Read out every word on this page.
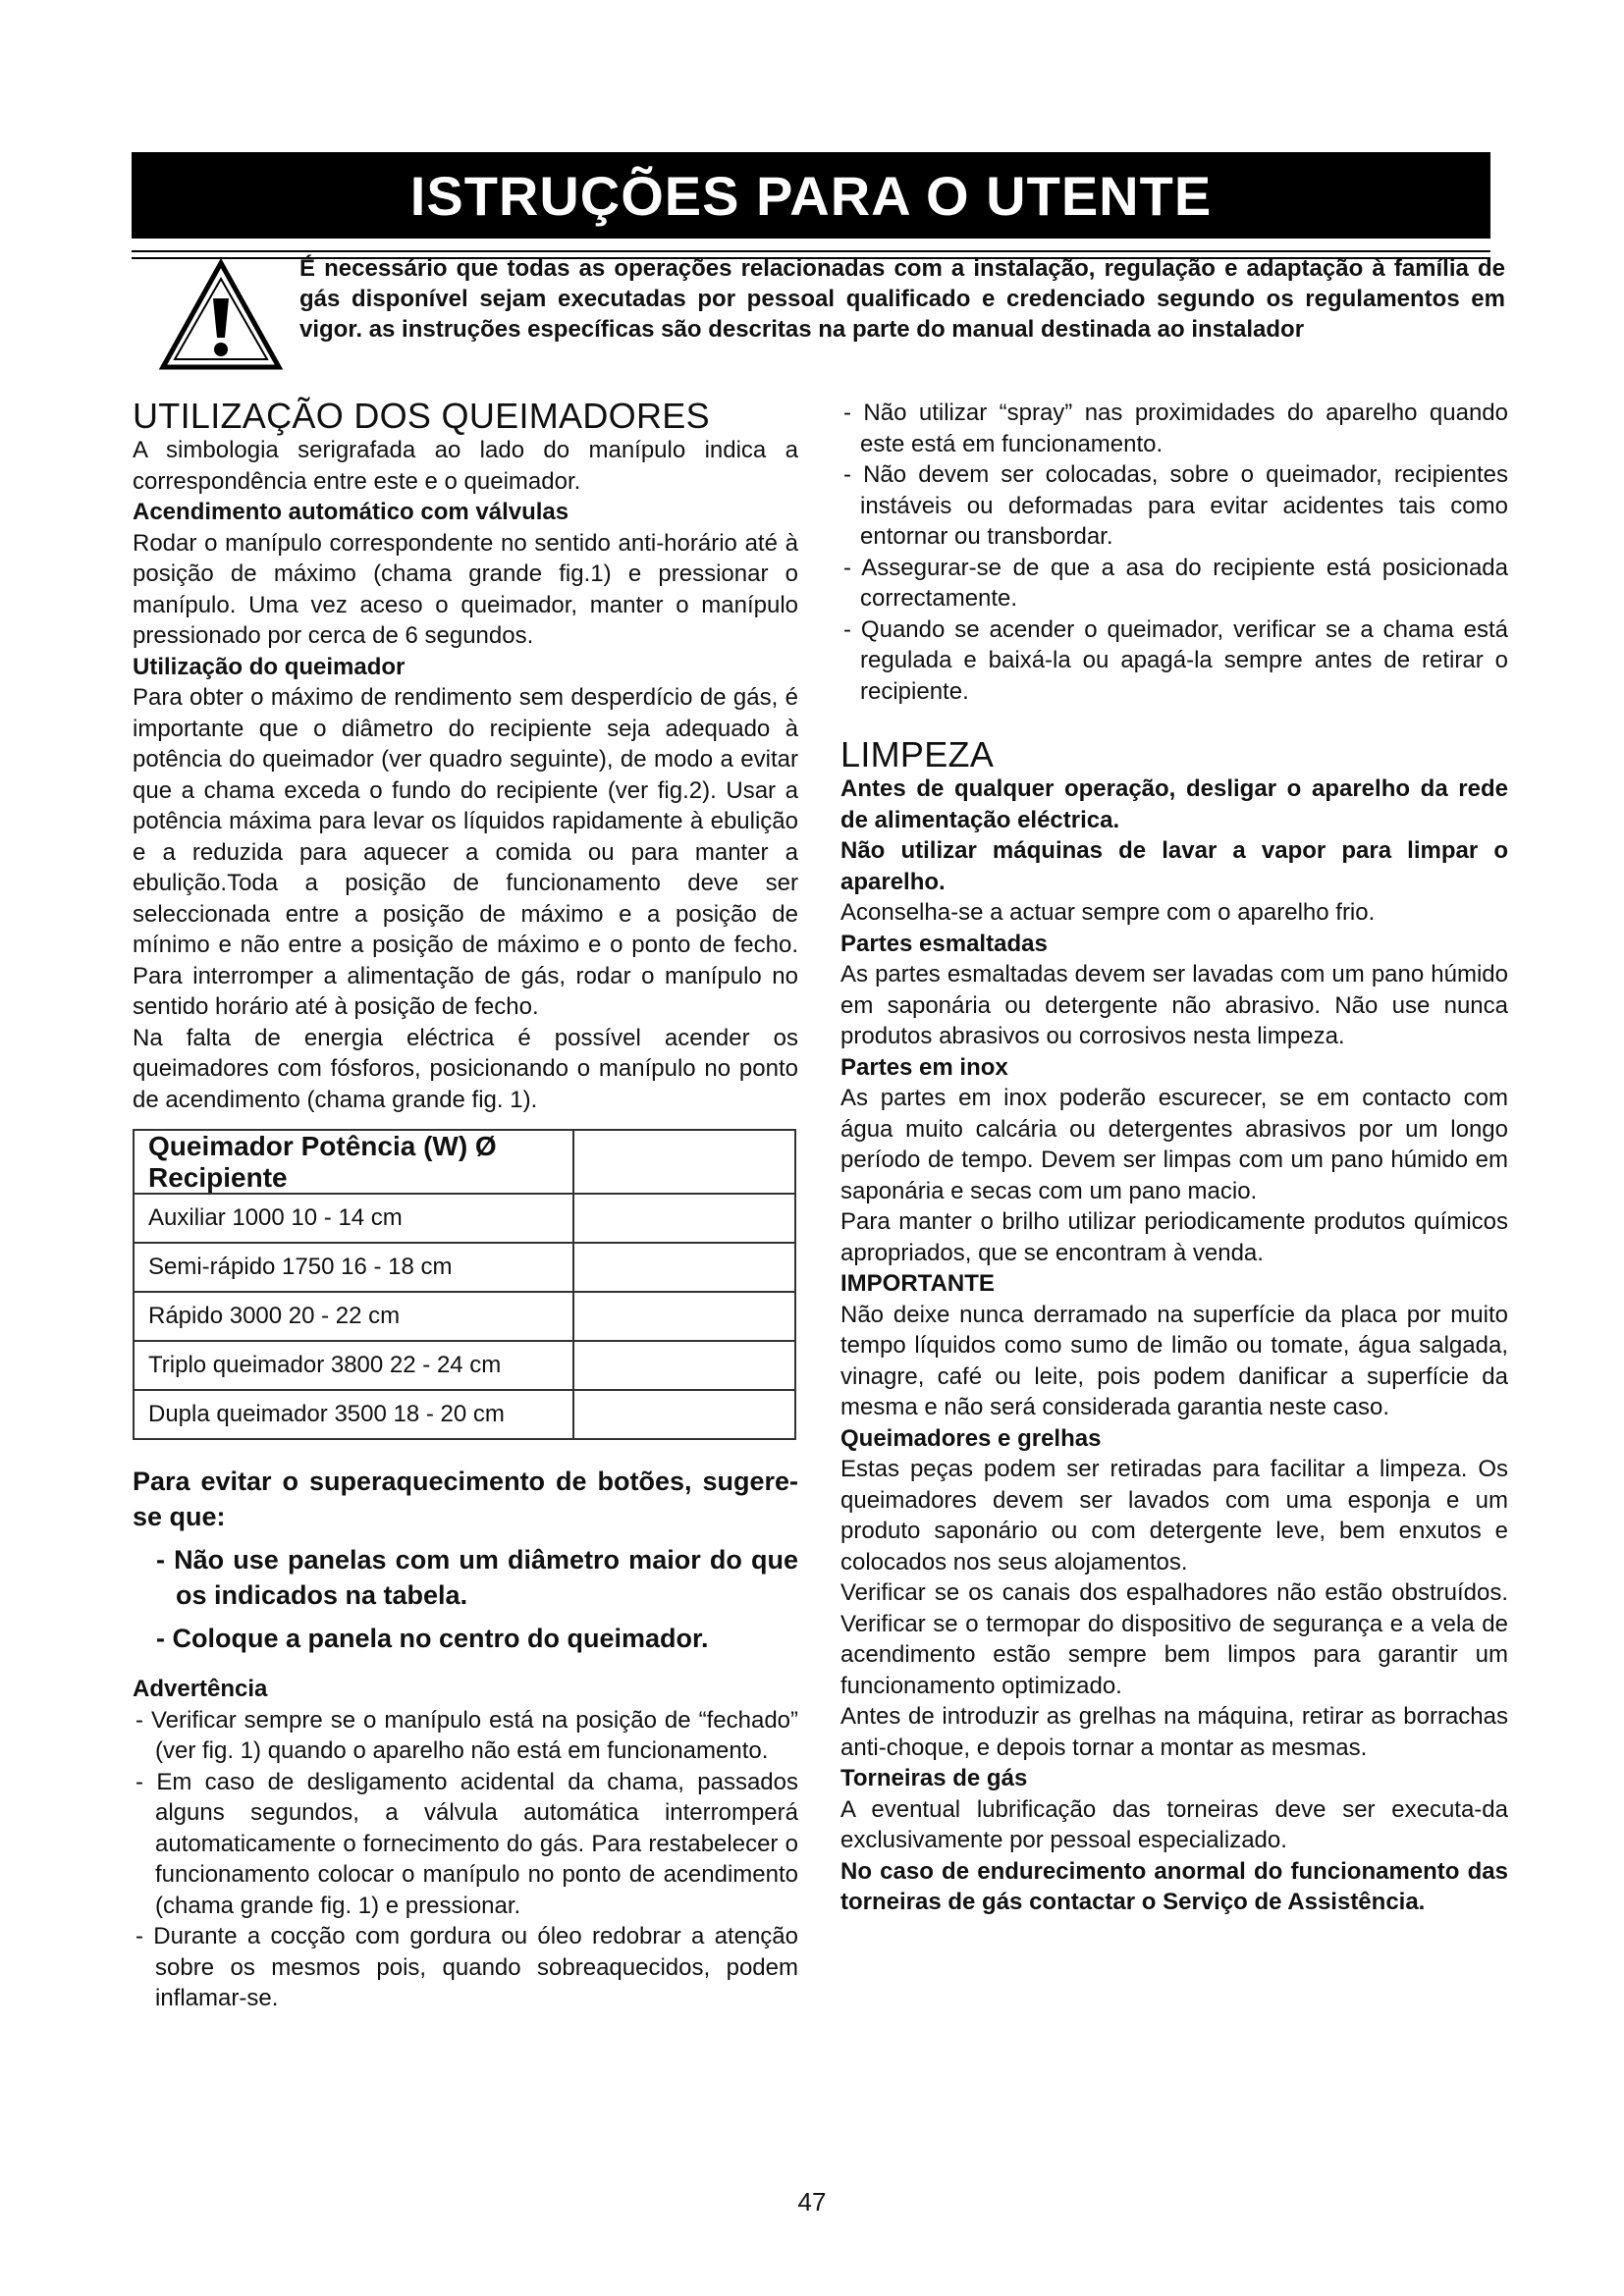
ISTRUÇÕES PARA O UTENTE

É necessário que todas as operações relacionadas com a instalação, regulação e adaptação à família de gás disponível sejam executadas por pessoal qualificado e credenciado segundo os regulamentos em vigor. as instruções específicas são descritas na parte do manual destinada ao instalador

UTILIZAÇÃO DOS QUEIMADORES

A simbologia serigrafada ao lado do manípulo indica a correspondência entre este e o queimador.

Acendimento automático com válvulas

Rodar o manípulo correspondente no sentido anti-horário até à posição de máximo (chama grande fig.1) e pressionar o manípulo. Uma vez aceso o queimador, manter o manípulo pressionado por cerca de 6 segundos.

Utilização do queimador

Para obter o máximo de rendimento sem desperdício de gás, é importante que o diâmetro do recipiente seja adequado à potência do queimador (ver quadro seguinte), de modo a evitar que a chama exceda o fundo do recipiente (ver fig.2). Usar a potência máxima para levar os líquidos rapidamente à ebulição e a reduzida para aquecer a comida ou para manter a ebulição.Toda a posição de funcionamento deve ser seleccionada entre a posição de máximo e a posição de mínimo e não entre a posição de máximo e o ponto de fecho. Para interromper a alimentação de gás, rodar o manípulo no sentido horário até à posição de fecho.

Na falta de energia eléctrica é possível acender os queimadores com fósforos, posicionando o manípulo no ponto de acendimento (chama grande fig. 1).

Queimador Potência (W) Ø Recipiente	
Auxiliar 1000 10 - 14 cm	
Semi-rápido 1750 16 - 18 cm	
Rápido 3000 20 - 22 cm	
Triplo queimador 3800 22 - 24 cm	
Dupla queimador 3500 18 - 20 cm	

Para evitar o superaquecimento de botões, sugere-se que:

- Não use panelas com um diâmetro maior do que os indicados na tabela.

- Coloque a panela no centro do queimador.

Advertência

- Verificar sempre se o manípulo está na posição de “fechado” (ver fig. 1) quando o aparelho não está em funcionamento.

- Em caso de desligamento acidental da chama, passados alguns segundos, a válvula automática interromperá automaticamente o fornecimento do gás. Para restabelecer o funcionamento colocar o manípulo no ponto de acendimento (chama grande fig. 1) e pressionar.

- Durante a cocção com gordura ou óleo redobrar a atenção sobre os mesmos pois, quando sobreaquecidos, podem inflamar-se.

- Não utilizar “spray” nas proximidades do aparelho quando este está em funcionamento.

- Não devem ser colocadas, sobre o queimador, recipientes instáveis ou deformadas para evitar acidentes tais como entornar ou transbordar.

- Assegurar-se de que a asa do recipiente está posicionada correctamente.

- Quando se acender o queimador, verificar se a chama está regulada e baixá-la ou apagá-la sempre antes de retirar o recipiente.

LIMPEZA

Antes de qualquer operação, desligar o aparelho da rede de alimentação eléctrica.

Não utilizar máquinas de lavar a vapor para limpar o aparelho.

Aconselha-se a actuar sempre com o aparelho frio.

Partes esmaltadas

As partes esmaltadas devem ser lavadas com um pano húmido em saponária ou detergente não abrasivo. Não use nunca produtos abrasivos ou corrosivos nesta limpeza.

Partes em inox

As partes em inox poderão escurecer, se em contacto com água muito calcária ou detergentes abrasivos por um longo período de tempo. Devem ser limpas com um pano húmido em saponária e secas com um pano macio.

Para manter o brilho utilizar periodicamente produtos químicos apropriados, que se encontram à venda.

IMPORTANTE

Não deixe nunca derramado na superfície da placa por muito tempo líquidos como sumo de limão ou tomate, água salgada, vinagre, café ou leite, pois podem danificar a superfície da mesma e não será considerada garantia neste caso.

Queimadores e grelhas

Estas peças podem ser retiradas para facilitar a limpeza. Os queimadores devem ser lavados com uma esponja e um produto saponário ou com detergente leve, bem enxutos e colocados nos seus alojamentos.

Verificar se os canais dos espalhadores não estão obstruídos. Verificar se o termopar do dispositivo de segurança e a vela de acendimento estão sempre bem limpos para garantir um funcionamento optimizado.

Antes de introduzir as grelhas na máquina, retirar as borrachas anti-choque, e depois tornar a montar as mesmas.

Torneiras de gás

A eventual lubrificação das torneiras deve ser executa-da exclusivamente por pessoal especializado.

No caso de endurecimento anormal do funcionamento das torneiras de gás contactar o Serviço de Assistência.

47
